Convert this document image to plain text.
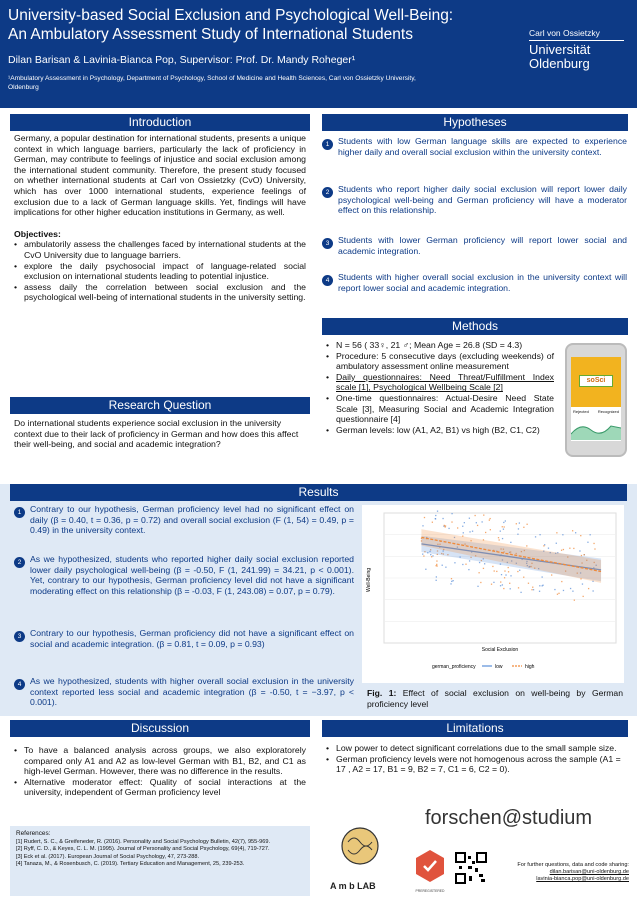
University-based Social Exclusion and Psychological Well-Being:
An Ambulatory Assessment Study of International Students
Dilan Barisan & Lavinia-Bianca Pop, Supervisor: Prof. Dr. Mandy Roheger¹
¹Ambulatory Assessment in Psychology, Department of Psychology, School of Medicine and Health Sciences, Carl von Ossietzky University, Oldenburg
Carl von Ossietzky
Universität
Oldenburg
Introduction

Germany, a popular destination for international students, presents a unique context in which language barriers, particularly the lack of proficiency in German, may contribute to feelings of injustice and social exclusion among the international student community. Therefore, the present study focused on whether international students at Carl von Ossietzky (CvO) University, which has over 1000 international students, experience feelings of exclusion due to a lack of German language skills. Yet, findings will have implications for other higher education institutions in Germany, as well.

Objectives:

• ambulatorily assess the challenges faced by international students at the CvO University due to language barriers.
• explore the daily psychosocial impact of language-related social exclusion on international students leading to potential injustice.
• assess daily the correlation between social exclusion and the psychological well-being of international students in the university setting.
Research Question

Do international students experience social exclusion in the university context due to their lack of proficiency in German and how does this affect their well-being, and social and academic integration?

Hypotheses
1 Students with low German language skills are expected to experience higher daily and overall social exclusion within the university context.

2 Students who report higher daily social exclusion will report lower daily psychological well-being and German proficiency will have a moderator effect on this relationship.

3 Students with lower German proficiency will report lower social and academic integration.

4 Students with higher overall social exclusion in the university context will report lower social and academic integration.

Methods
• N = 56 ( 33♀, 21 ♂; Mean Age = 26.8 (SD = 4.3)
• Procedure: 5 consecutive days (excluding weekends) of ambulatory assessment online measurement
• Daily questionnaires: Need Threat/Fulfillment Index scale [1], Psychological Wellbeing Scale [2]
• One-time questionnaires: Actual-Desire Need State Scale [3], Measuring Social and Academic Integration questionnaire [4]
• German levels: low (A1, A2, B1) vs high (B2, C1, C2)
soSci
Rejected Recognized
Results
1 Contrary to our hypothesis, German proficiency level had no significant effect on daily (β = 0.40, t = 0.36, p = 0.72) and overall social exclusion (F (1, 54) = 0.49, p = 0.49) in the university context.

2 As we hypothesized, students who reported higher daily social exclusion reported lower daily psychological well-being (β = -0.50, F (1, 241.99) = 34.21, p < 0.001). Yet, contrary to our hypothesis, German proficiency level did not have a significant moderating effect on this relationship (β = -0.03, F (1, 243.08) = 0.07, p = 0.79).

3 Contrary to our hypothesis, German proficiency did not have a significant effect on social and academic integration. (β = 0.81, t = 0.09, p = 0.93)

4 As we hypothesized, students with higher overall social exclusion in the university context reported less social and academic integration (β = -0.50, t = −3.97, p < 0.001).

Well-Being
Social Exclusion
german_proficiency	low	high

Fig. 1: Effect of social exclusion on well-being by German proficiency level

Discussion
• To have a balanced analysis across groups, we also exploratorely compared only A1 and A2 as low-level German with B1, B2, and C1 as high-level German. However, there was no difference in the results.
• Alternative moderator effect: Quality of social interactions at the university, independent of German proficiency level
Limitations
• Low power to detect significant correlations due to the small sample size.
• German proficiency levels were not homogenous across the sample (A1 = 17 , A2 = 17, B1 = 9, B2 = 7, C1 = 6, C2 = 0).

References:

[1] Rudert, S. C., & Greifeneder, R. (2016). Personality and Social Psychology Bulletin, 42(7), 955-969.

[2] Ryff, C. D., & Keyes, C. L. M. (1995). Journal of Personality and Social Psychology, 69(4), 719-727.

[3] Eck et al. (2017). European Journal of Social Psychology, 47, 273-288.

[4] Tanaza, M., & Rosenbusch, C. (2019). Tertiary Education and Management, 25, 239-253.

A m b LAB	PREREGISTERED
forschen@studium
For further questions, data and code sharing:
dilan.barisan@uni-oldenburg.de
lavinia-bianca.pop@uni-oldenburg.de
